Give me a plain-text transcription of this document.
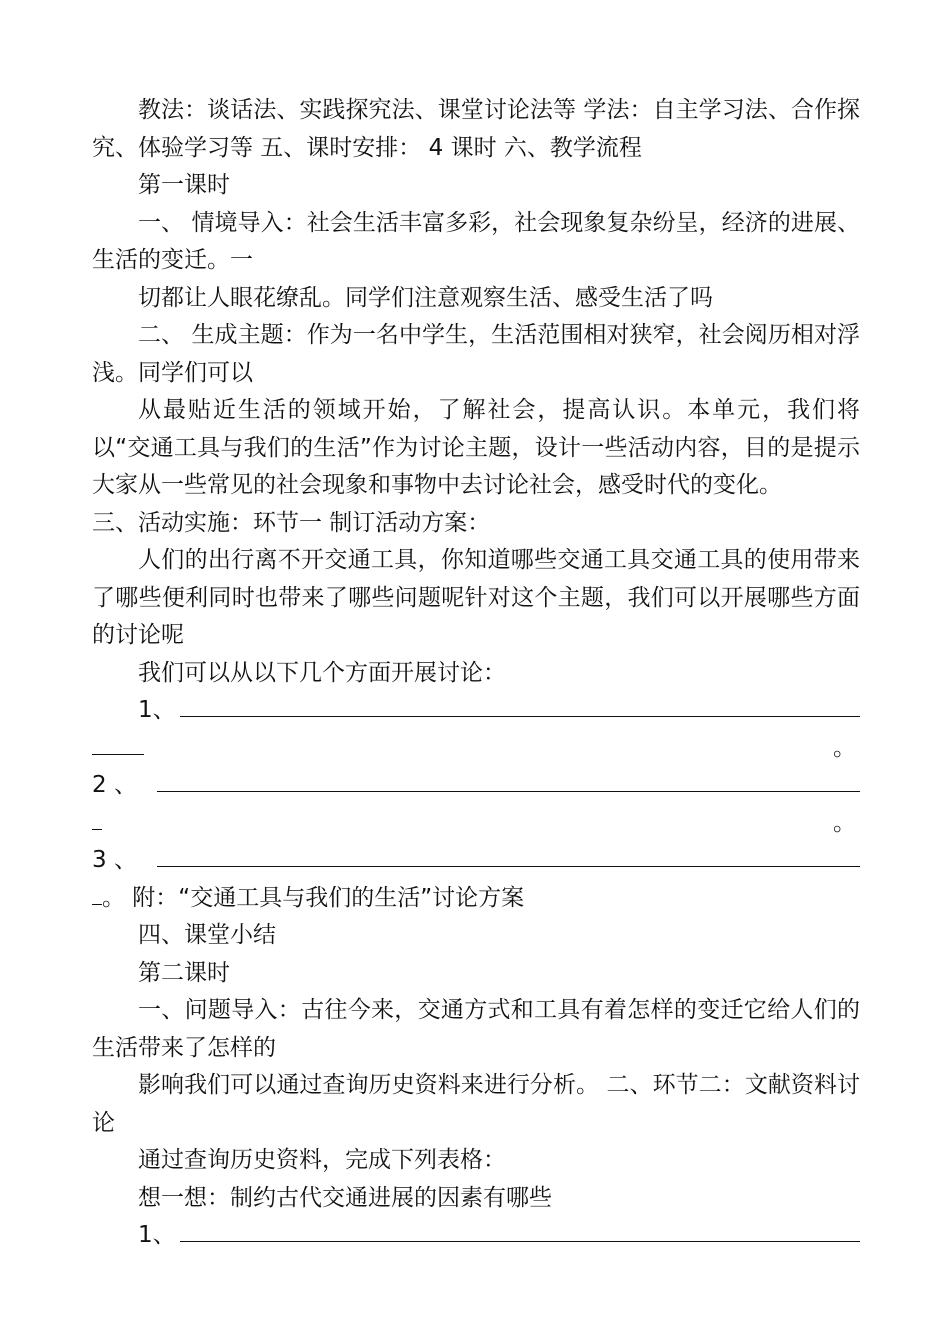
教法：谈话法、实践探究法、课堂讨论法等 学法：自主学习法、合作探究、体验学习等 五、课时安排： 4 课时 六、教学流程

第一课时

一、 情境导入：社会生活丰富多彩，社会现象复杂纷呈，经济的进展、生活的变迁。一

切都让人眼花缭乱。同学们注意观察生活、感受生活了吗

二、 生成主题：作为一名中学生，生活范围相对狭窄，社会阅历相对浮浅。同学们可以

从最贴近生活的领域开始，了解社会，提高认识。本单元，我们将以“交通工具与我们的生活”作为讨论主题，设计一些活动内容，目的是提示大家从一些常见的社会现象和事物中去讨论社会，感受时代的变化。

三、活动实施：环节一 制订活动方案：

人们的出行离不开交通工具，你知道哪些交通工具交通工具的使用带来了哪些便利同时也带来了哪些问题呢针对这个主题，我们可以开展哪些方面的讨论呢

我们可以从以下几个方面开展讨论：

1、
。
2 、
。
3 、
。 附：“交通工具与我们的生活”讨论方案

四、课堂小结

第二课时

一、问题导入：古往今来，交通方式和工具有着怎样的变迁它给人们的生活带来了怎样的

影响我们可以通过查询历史资料来进行分析。 二、环节二：文献资料讨论

通过查询历史资料，完成下列表格：

想一想：制约古代交通进展的因素有哪些

1、
